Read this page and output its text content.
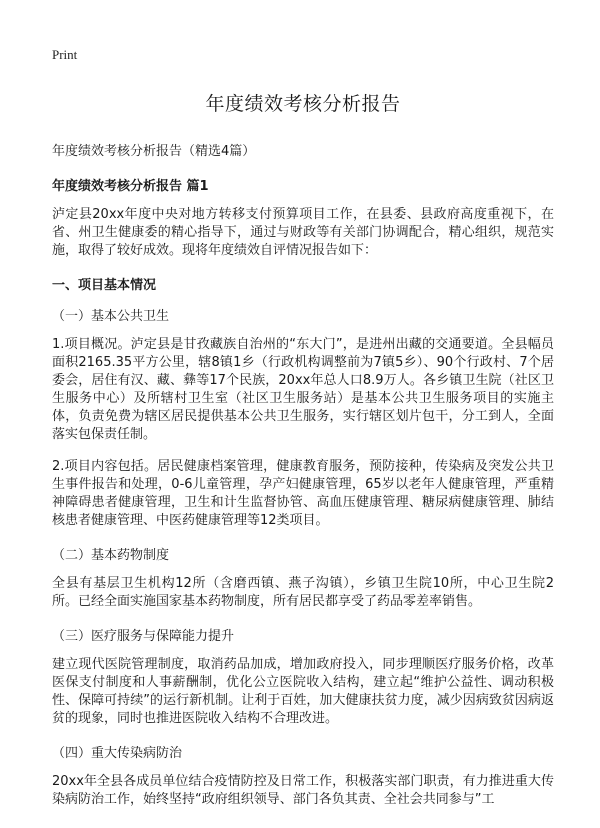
Print
年度绩效考核分析报告

年度绩效考核分析报告（精选4篇）

年度绩效考核分析报告 篇1

泸定县20xx年度中央对地方转移支付预算项目工作，在县委、县政府高度重视下，在省、州卫生健康委的精心指导下，通过与财政等有关部门协调配合，精心组织，规范实施，取得了较好成效。现将年度绩效自评情况报告如下：

一、项目基本情况

（一）基本公共卫生

1.项目概况。泸定县是甘孜藏族自治州的“东大门”，是进州出藏的交通要道。全县幅员面积2165.35平方公里，辖8镇1乡（行政机构调整前为7镇5乡）、90个行政村、7个居委会，居住有汉、藏、彝等17个民族，20xx年总人口8.9万人。各乡镇卫生院（社区卫生服务中心）及所辖村卫生室（社区卫生服务站）是基本公共卫生服务项目的实施主体，负责免费为辖区居民提供基本公共卫生服务，实行辖区划片包干，分工到人，全面落实包保责任制。

2.项目内容包括。居民健康档案管理，健康教育服务，预防接种，传染病及突发公共卫生事件报告和处理，0-6儿童管理，孕产妇健康管理，65岁以老年人健康管理，严重精神障碍患者健康管理，卫生和计生监督协管、高血压健康管理、糖尿病健康管理、肺结核患者健康管理、中医药健康管理等12类项目。

（二）基本药物制度

全县有基层卫生机构12所（含磨西镇、燕子沟镇），乡镇卫生院10所，中心卫生院2所。已经全面实施国家基本药物制度，所有居民都享受了药品零差率销售。

（三）医疗服务与保障能力提升

建立现代医院管理制度，取消药品加成，增加政府投入，同步理顺医疗服务价格，改革医保支付制度和人事薪酬制，优化公立医院收入结构，建立起“维护公益性、调动积极性、保障可持续”的运行新机制。让利于百姓，加大健康扶贫力度，减少因病致贫因病返贫的现象，同时也推进医院收入结构不合理改进。

（四）重大传染病防治

20xx年全县各成员单位结合疫情防控及日常工作，积极落实部门职责，有力推进重大传染病防治工作，始终坚持“政府组织领导、部门各负其责、全社会共同参与”工
